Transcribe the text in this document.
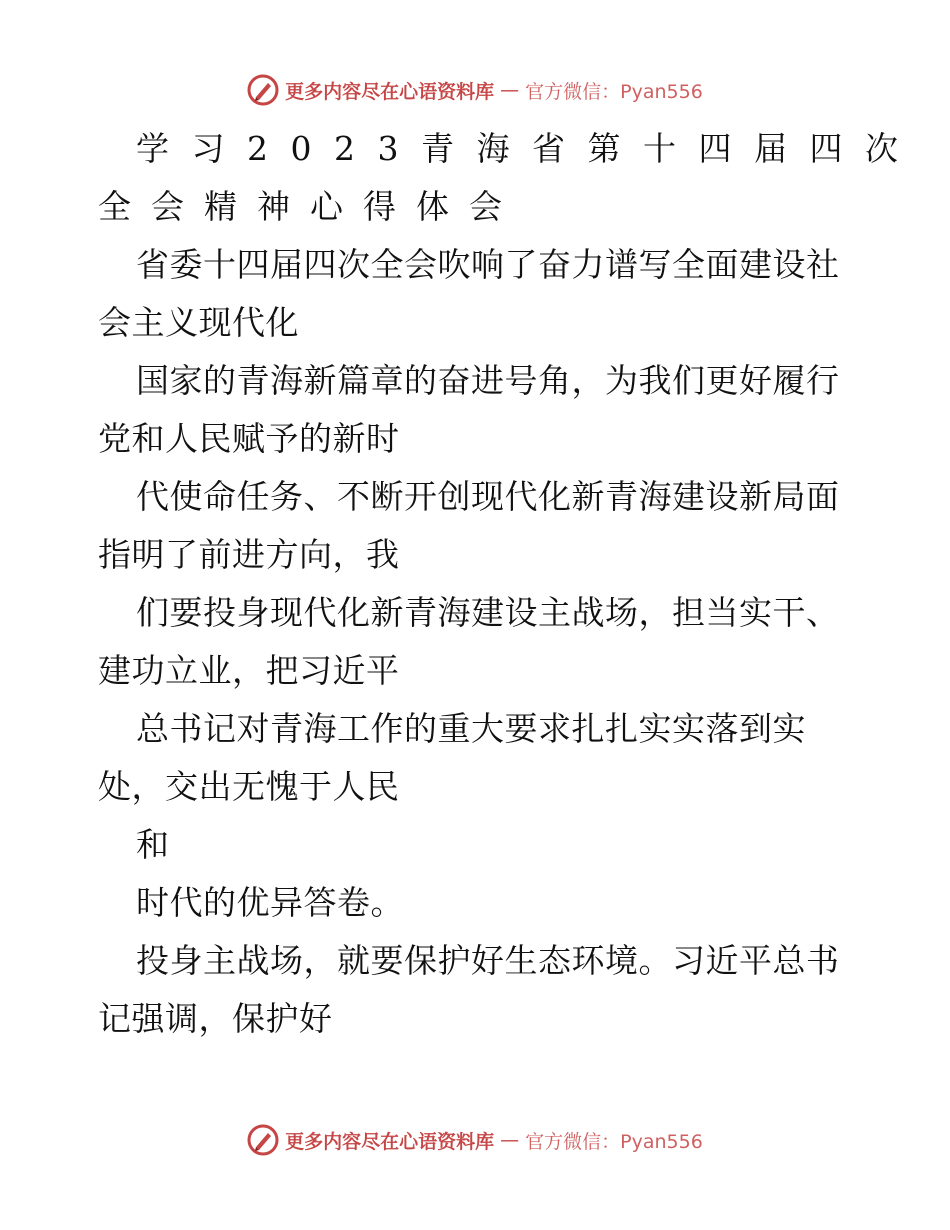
更多内容尽在心语资料库 — 官方微信：Pyan556
学习2023青海省第十四届四次
全会精神心得体会
省委十四届四次全会吹响了奋力谱写全面建设社
会主义现代化
国家的青海新篇章的奋进号角，为我们更好履行
党和人民赋予的新时
代使命任务、不断开创现代化新青海建设新局面
指明了前进方向，我
们要投身现代化新青海建设主战场，担当实干、
建功立业，把习近平
总书记对青海工作的重大要求扎扎实实落到实
处，交出无愧于人民
和
时代的优异答卷。
投身主战场，就要保护好生态环境。习近平总书
记强调，保护好
更多内容尽在心语资料库 — 官方微信：Pyan556
